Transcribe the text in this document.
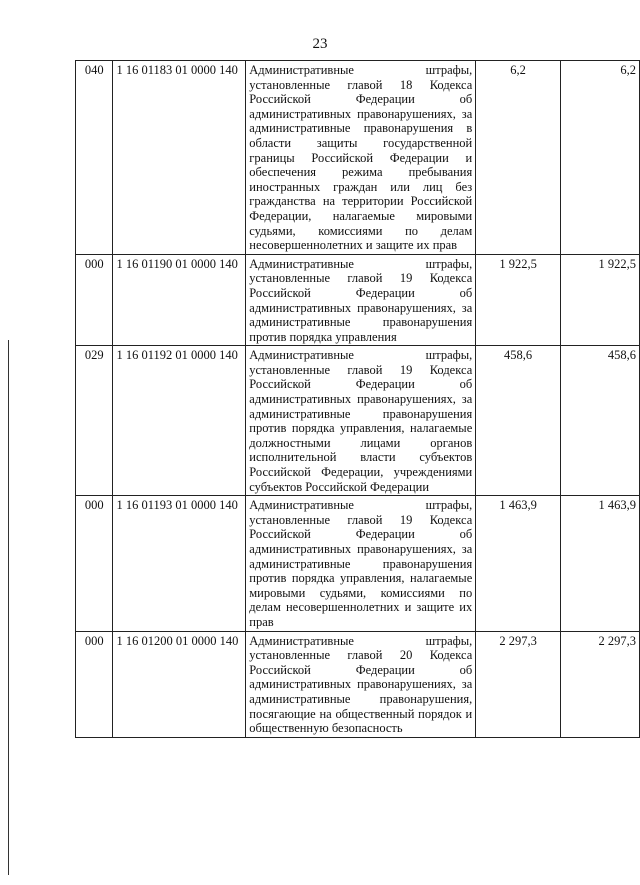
23
040	1 16 01183 01 0000 140	Административные штрафы, установленные главой 18 Кодекса Российской Федерации об административных правонарушениях, за административные правонарушения в области защиты государственной границы Российской Федерации и обеспечения режима пребывания иностранных граждан или лиц без гражданства на территории Российской Федерации, налагаемые мировыми судьями, комиссиями по делам несовершеннолетних и защите их прав	6,2	6,2
000	1 16 01190 01 0000 140	Административные штрафы, установленные главой 19 Кодекса Российской Федерации об административных правонарушениях, за административные правонарушения против порядка управления	1 922,5	1 922,5
029	1 16 01192 01 0000 140	Административные штрафы, установленные главой 19 Кодекса Российской Федерации об административных правонарушениях, за административные правонарушения против порядка управления, налагаемые должностными лицами органов исполнительной власти субъектов Российской Федерации, учреждениями субъектов Российской Федерации	458,6	458,6
000	1 16 01193 01 0000 140	Административные штрафы, установленные главой 19 Кодекса Российской Федерации об административных правонарушениях, за административные правонарушения против порядка управления, налагаемые мировыми судьями, комиссиями по делам несовершеннолетних и защите их прав	1 463,9	1 463,9
000	1 16 01200 01 0000 140	Административные штрафы, установленные главой 20 Кодекса Российской Федерации об административных правонарушениях, за административные правонарушения, посягающие на общественный порядок и общественную безопасность	2 297,3	2 297,3
